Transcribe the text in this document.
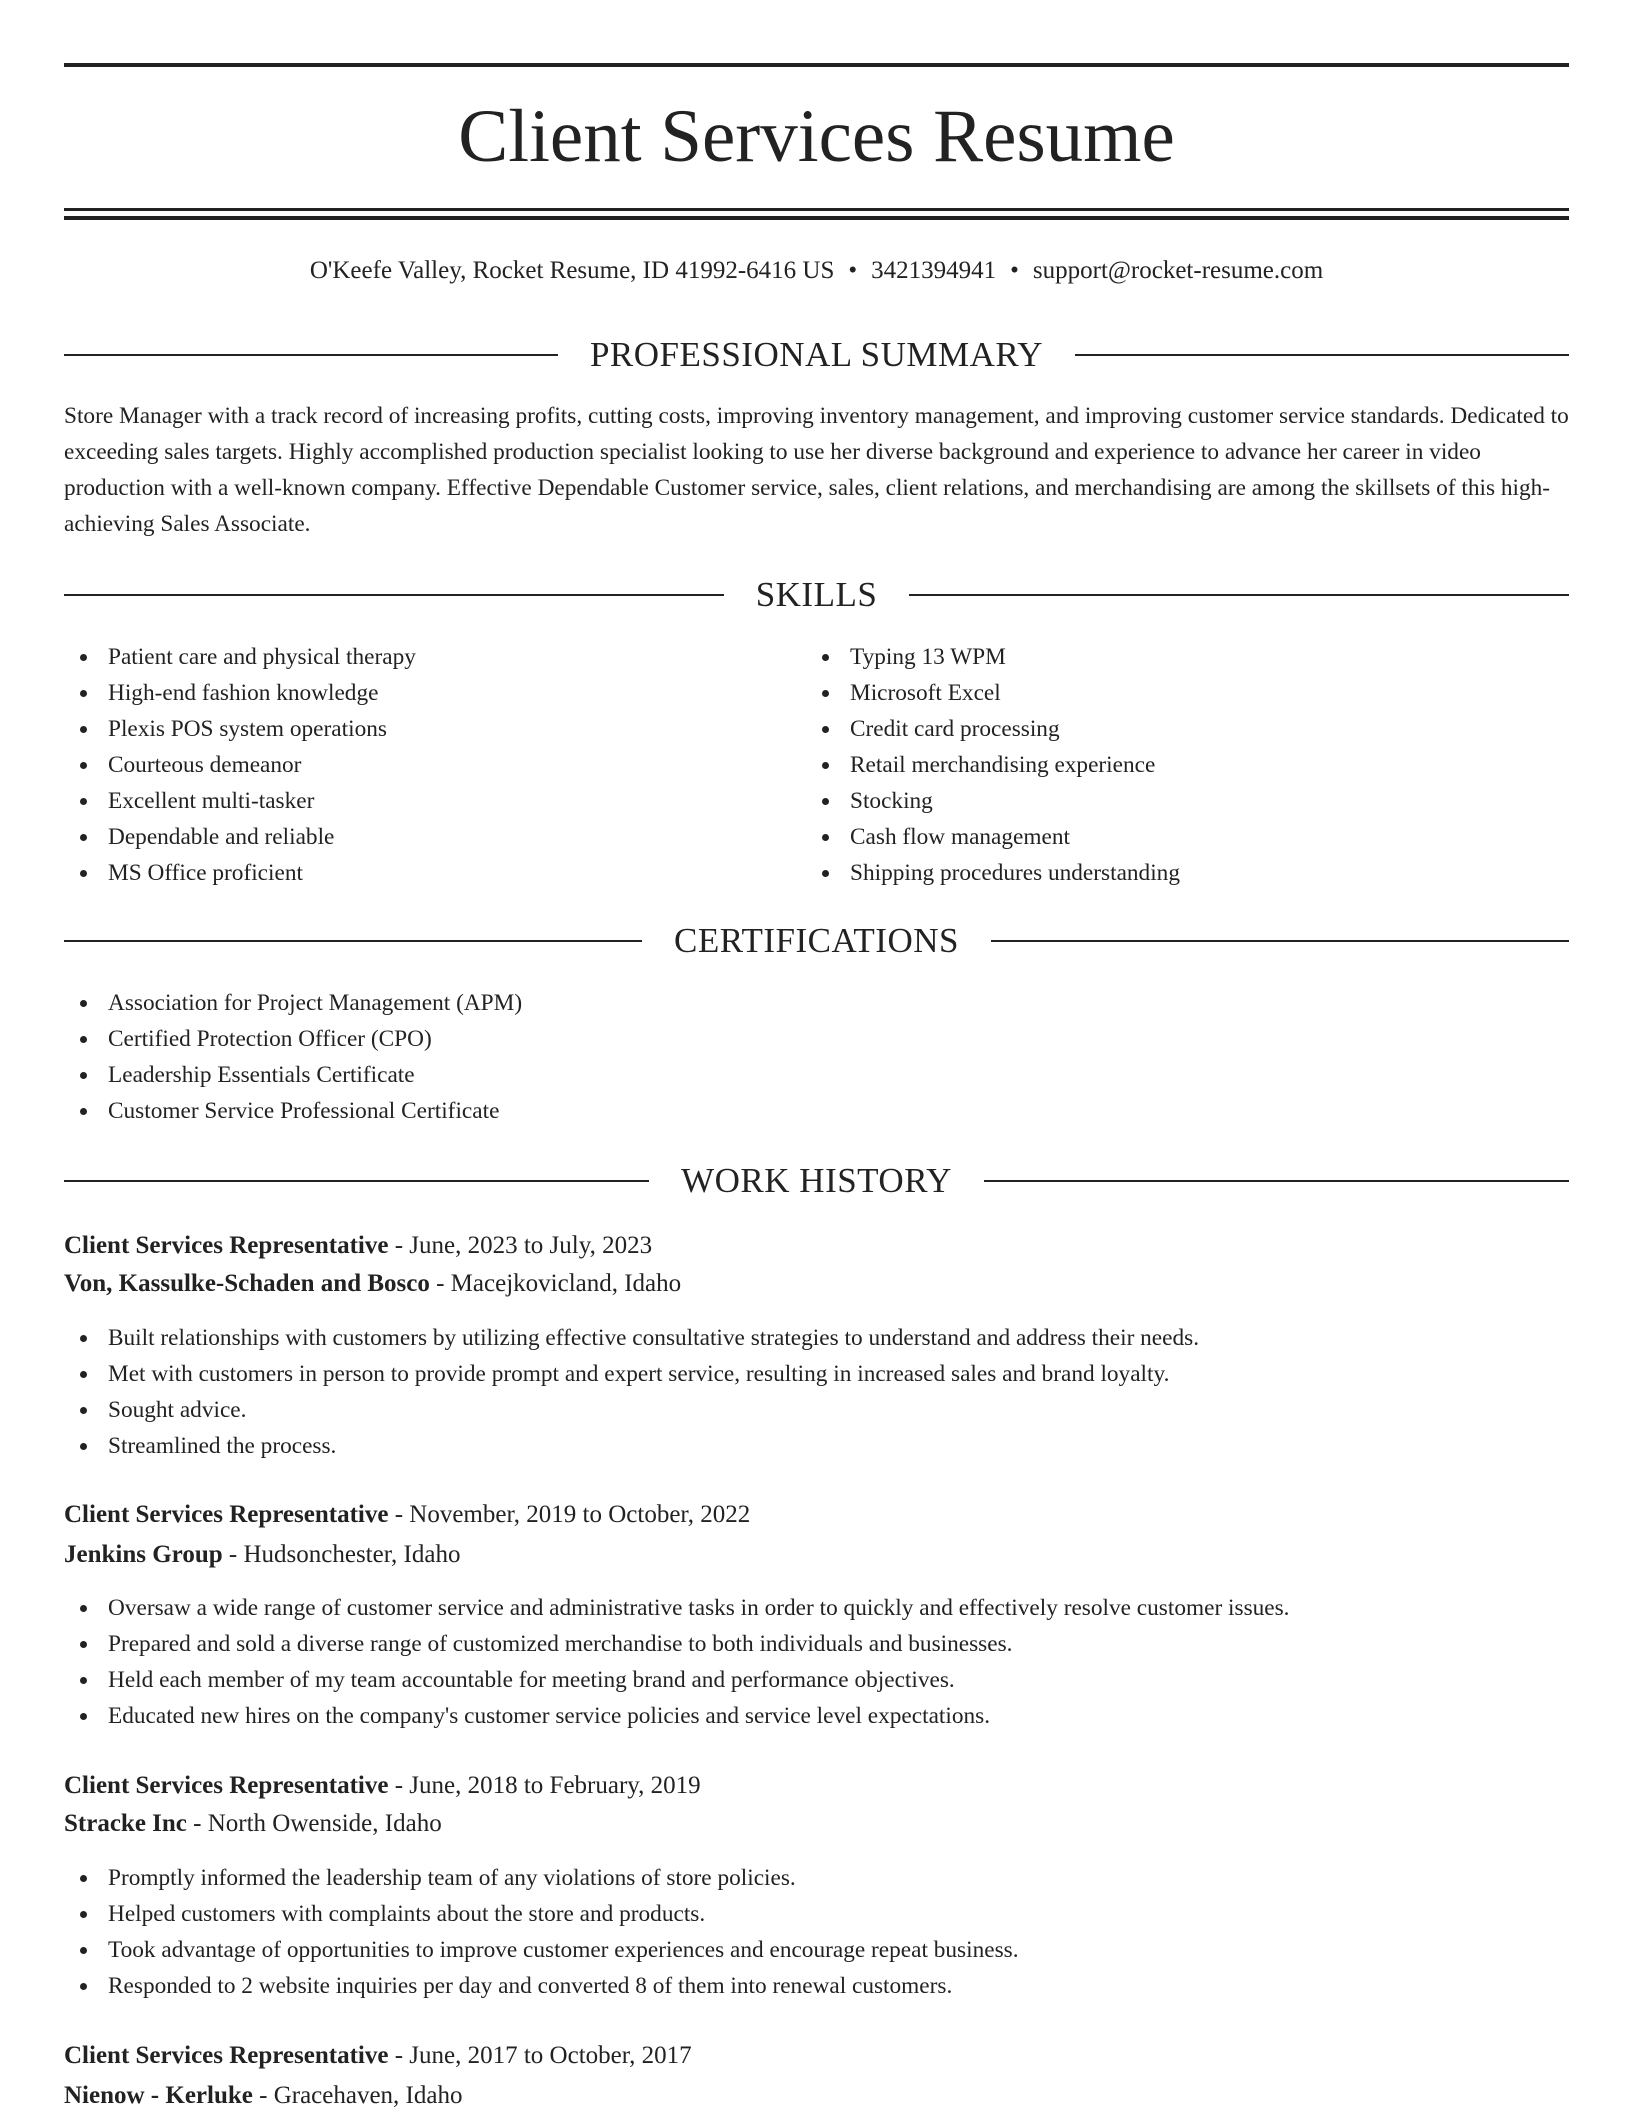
Client Services Resume
O'Keefe Valley, Rocket Resume, ID 41992-6416 US • 3421394941 • support@rocket-resume.com
PROFESSIONAL SUMMARY

Store Manager with a track record of increasing profits, cutting costs, improving inventory management, and improving customer service standards. Dedicated to exceeding sales targets. Highly accomplished production specialist looking to use her diverse background and experience to advance her career in video production with a well-known company. Effective Dependable Customer service, sales, client relations, and merchandising are among the skillsets of this high-achieving Sales Associate.

SKILLS
Patient care and physical therapy
High-end fashion knowledge
Plexis POS system operations
Courteous demeanor
Excellent multi-tasker
Dependable and reliable
MS Office proficient
Typing 13 WPM
Microsoft Excel
Credit card processing
Retail merchandising experience
Stocking
Cash flow management
Shipping procedures understanding
CERTIFICATIONS
Association for Project Management (APM)
Certified Protection Officer (CPO)
Leadership Essentials Certificate
Customer Service Professional Certificate
WORK HISTORY
Client Services Representative - June, 2023 to July, 2023
Von, Kassulke-Schaden and Bosco - Macejkovicland, Idaho
Built relationships with customers by utilizing effective consultative strategies to understand and address their needs.
Met with customers in person to provide prompt and expert service, resulting in increased sales and brand loyalty.
Sought advice.
Streamlined the process.
Client Services Representative - November, 2019 to October, 2022
Jenkins Group - Hudsonchester, Idaho
Oversaw a wide range of customer service and administrative tasks in order to quickly and effectively resolve customer issues.
Prepared and sold a diverse range of customized merchandise to both individuals and businesses.
Held each member of my team accountable for meeting brand and performance objectives.
Educated new hires on the company's customer service policies and service level expectations.
Client Services Representative - June, 2018 to February, 2019
Stracke Inc - North Owenside, Idaho
Promptly informed the leadership team of any violations of store policies.
Helped customers with complaints about the store and products.
Took advantage of opportunities to improve customer experiences and encourage repeat business.
Responded to 2 website inquiries per day and converted 8 of them into renewal customers.
Client Services Representative - June, 2017 to October, 2017
Nienow - Kerluke - Gracehaven, Idaho
